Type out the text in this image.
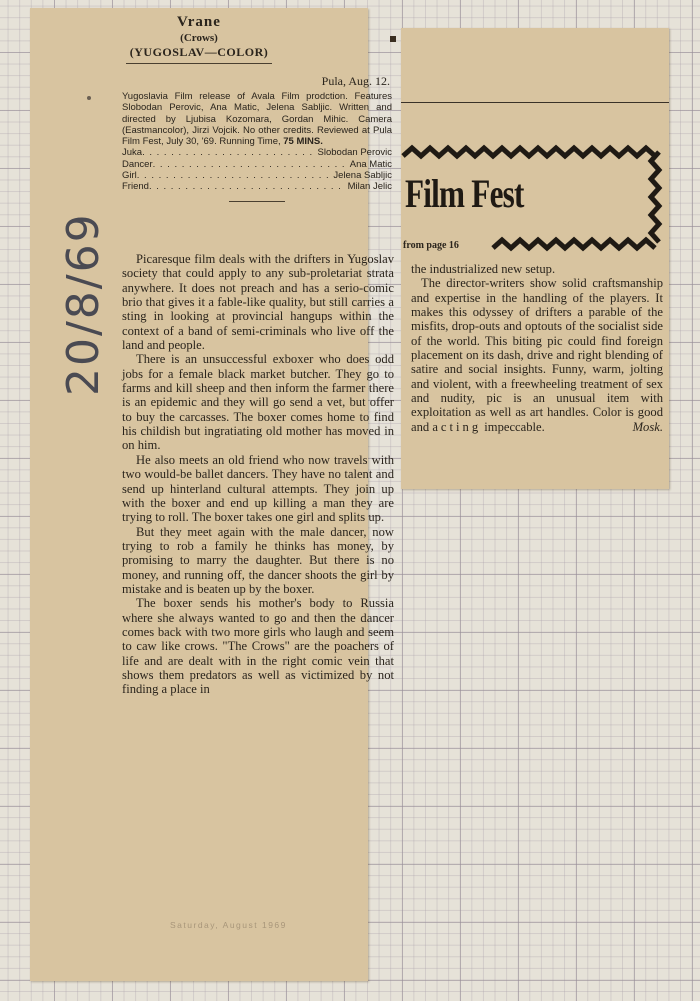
Vrane
(Crows)
(YUGOSLAV—COLOR)
Pula, Aug. 12.
Yugoslavia Film release of Avala Film prodction. Features Slobodan Perovic, Ana Matic, Jelena Sabljic. Written and directed by Ljubisa Kozomara, Gordan Mihic. Camera (Eastmancolor), Jirzi Vojcik. No other credits. Reviewed at Pula Film Fest, July 30, '69. Running Time, 75 MINS.
Juka . . .	Slobodan Perovic
Dancer . . .	Ana Matic
Girl . . .	Jelena Sabljic
Friend . . .	Milan Jelic

Picaresque film deals with the drifters in Yugoslav society that could apply to any sub-proletariat strata anywhere. It does not preach and has a serio-comic brio that gives it a fable-like quality, but still carries a sting in looking at provincial hangups within the context of a band of semi-criminals who live off the land and people.

There is an unsuccessful exboxer who does odd jobs for a female black market butcher. They go to farms and kill sheep and then inform the farmer there is an epidemic and they will go send a vet, but offer to buy the carcasses. The boxer comes home to find his childish but ingratiating old mother has moved in on him.

He also meets an old friend who now travels with two would-be ballet dancers. They have no talent and send up hinterland cultural attempts. They join up with the boxer and end up killing a man they are trying to roll. The boxer takes one girl and splits up.

But they meet again with the male dancer, now trying to rob a family he thinks has money, by promising to marry the daughter. But there is no money, and running off, the dancer shoots the girl by mistake and is beaten up by the boxer.

The boxer sends his mother's body to Russia where she always wanted to go and then the dancer comes back with two more girls who laugh and seem to caw like crows. "The Crows" are the poachers of life and are dealt with in the right comic vein that shows them predators as well as victimized by not finding a place in

20/8/69
Film Fest
from page 16

the industrialized new setup.

The director-writers show solid craftsmanship and expertise in the handling of the players. It makes this odyssey of drifters a parable of the misfits, drop-outs and optouts of the socialist side of the world. This biting pic could find foreign placement on its dash, drive and right blending of satire and social insights. Funny, warm, jolting and violent, with a freewheeling treatment of sex and nudity, pic is an unusual item with exploitation as well as art handles. Color is good and acting impeccable.	Mosk.

Saturday, August 1969
